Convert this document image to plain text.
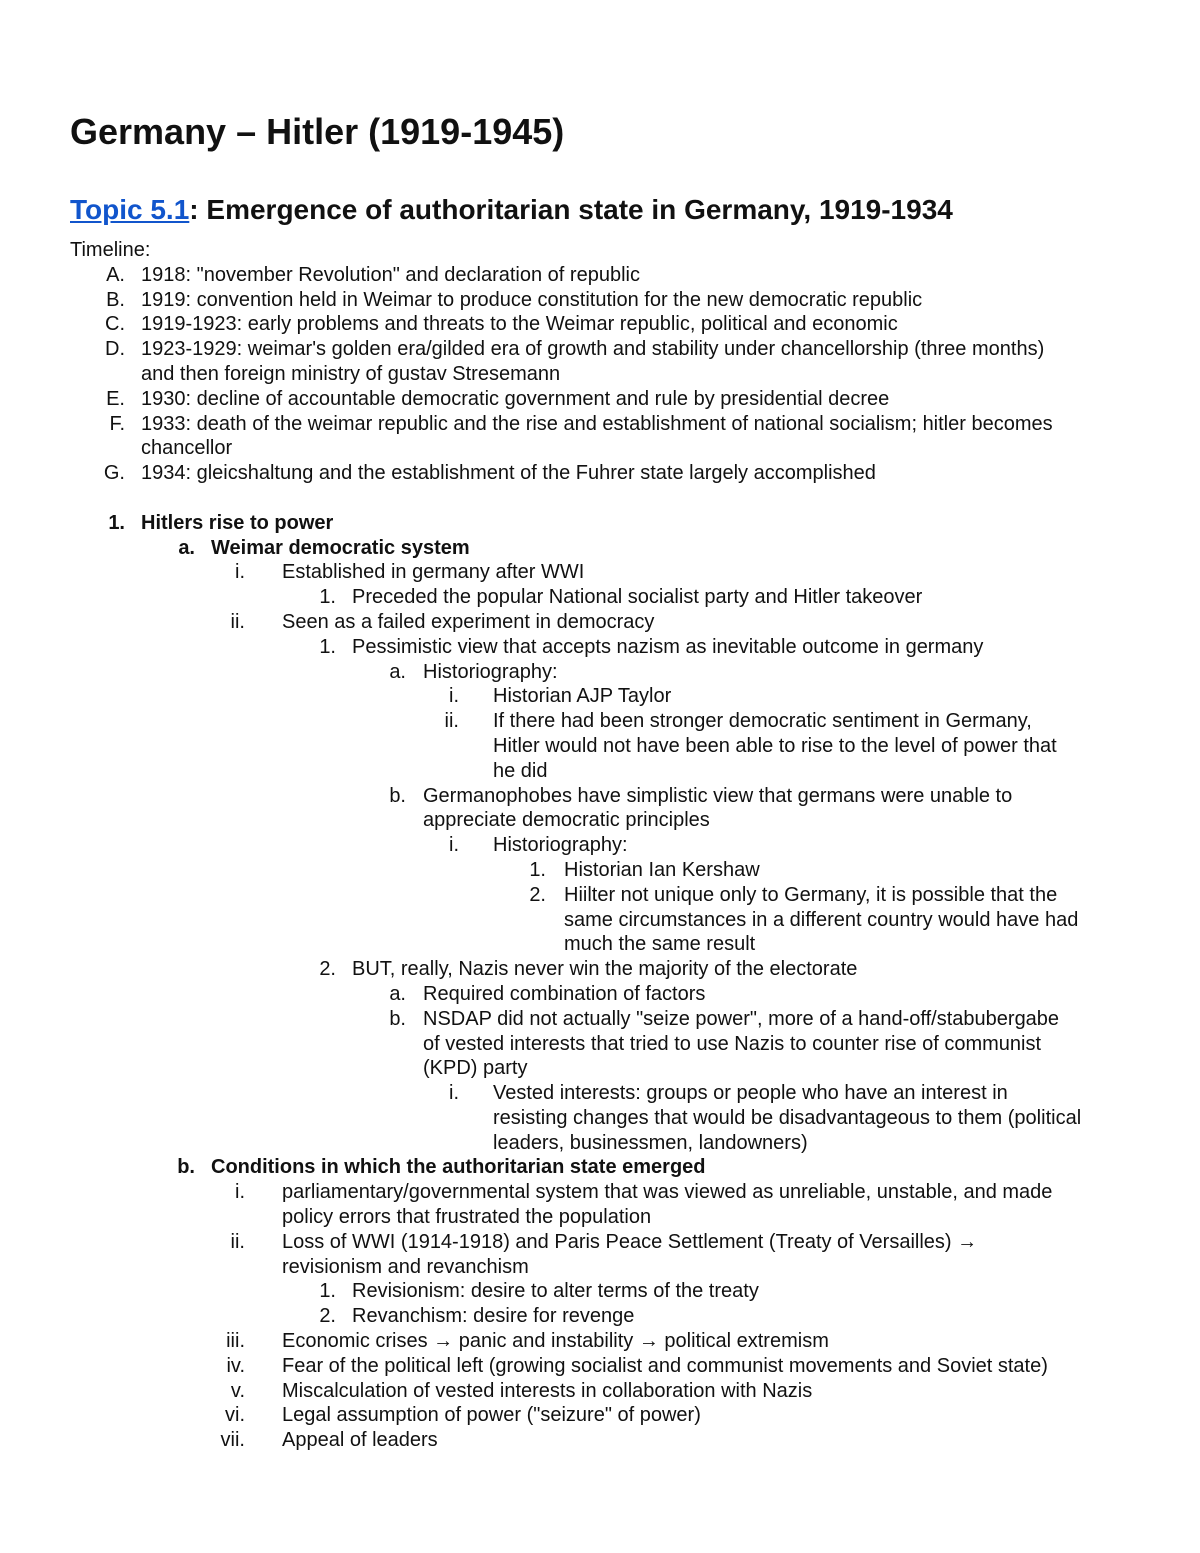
Germany – Hitler (1919-1945)
Topic 5.1: Emergence of authoritarian state in Germany, 1919-1934
Timeline:
A. 1918: "november Revolution" and declaration of republic
B. 1919: convention held in Weimar to produce constitution for the new democratic republic
C. 1919-1923: early problems and threats to the Weimar republic, political and economic
D. 1923-1929: weimar's golden era/gilded era of growth and stability under chancellorship (three months)
and then foreign ministry of gustav Stresemann
E. 1930: decline of accountable democratic government and rule by presidential decree
F. 1933: death of the weimar republic and the rise and establishment of national socialism; hitler becomes
chancellor
G. 1934: gleicshaltung and the establishment of the Fuhrer state largely accomplished
1. Hitlers rise to power
a. Weimar democratic system
i. Established in germany after WWI
1. Preceded the popular National socialist party and Hitler takeover
ii. Seen as a failed experiment in democracy
1. Pessimistic view that accepts nazism as inevitable outcome in germany
a. Historiography:
i. Historian AJP Taylor
ii. If there had been stronger democratic sentiment in Germany,
Hitler would not have been able to rise to the level of power that
he did
b. Germanophobes have simplistic view that germans were unable to
appreciate democratic principles
i. Historiography:
1. Historian Ian Kershaw
2. Hiilter not unique only to Germany, it is possible that the
same circumstances in a different country would have had
much the same result
2. BUT, really, Nazis never win the majority of the electorate
a. Required combination of factors
b. NSDAP did not actually "seize power", more of a hand-off/stabubergabe
of vested interests that tried to use Nazis to counter rise of communist
(KPD) party
i. Vested interests: groups or people who have an interest in
resisting changes that would be disadvantageous to them (political
leaders, businessmen, landowners)
b. Conditions in which the authoritarian state emerged
i. parliamentary/governmental system that was viewed as unreliable, unstable, and made
policy errors that frustrated the population
ii. Loss of WWI (1914-1918) and Paris Peace Settlement (Treaty of Versailles) →
revisionism and revanchism
1. Revisionism: desire to alter terms of the treaty
2. Revanchism: desire for revenge
iii. Economic crises → panic and instability → political extremism
iv. Fear of the political left (growing socialist and communist movements and Soviet state)
v. Miscalculation of vested interests in collaboration with Nazis
vi. Legal assumption of power ("seizure" of power)
vii. Appeal of leaders
